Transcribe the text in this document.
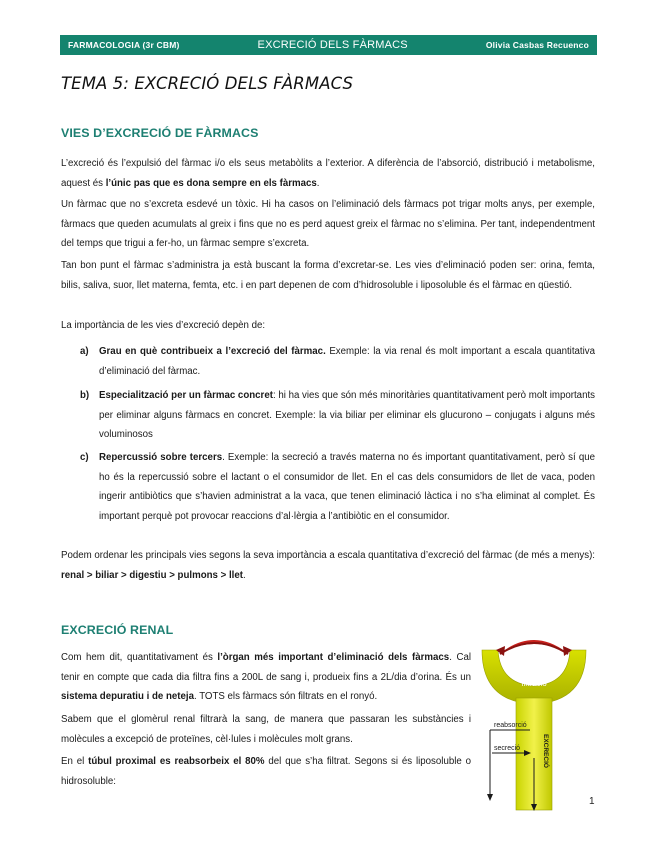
FARMACOLOGIA (3r CBM)	EXCRECIÓ DELS FÀRMACS	Olivia Casbas Recuenco
TEMA 5: EXCRECIÓ DELS FÀRMACS
VIES D’EXCRECIÓ DE FÀRMACS
L’excreció és l’expulsió del fàrmac i/o els seus metabòlits a l’exterior. A diferència de l’absorció, distribució i metabolisme, aquest és l’únic pas que es dona sempre en els fàrmacs.
Un fàrmac que no s’excreta esdevé un tòxic. Hi ha casos on l’eliminació dels fàrmacs pot trigar molts anys, per exemple, fàrmacs que queden acumulats al greix i fins que no es perd aquest greix el fàrmac no s’elimina. Per tant, independentment del temps que trigui a fer-ho, un fàrmac sempre s’excreta.
Tan bon punt el fàrmac s’administra ja està buscant la forma d’excretar-se. Les vies d’eliminació poden ser: orina, femta, bilis, saliva, suor, llet materna, femta, etc. i en part depenen de com d’hidrosoluble i liposoluble és el fàrmac en qüestió.
La importància de les vies d’excreció depèn de:
a) Grau en què contribueix a l’excreció del fàrmac. Exemple: la via renal és molt important a escala quantitativa d’eliminació del fàrmac.
b) Especialització per un fàrmac concret: hi ha vies que són més minoritàries quantitativament però molt importants per eliminar alguns fàrmacs en concret. Exemple: la via biliar per eliminar els glucurono – conjugats i alguns més voluminosos
c) Repercussió sobre tercers. Exemple: la secreció a través materna no és important quantitativament, però sí que ho és la repercussió sobre el lactant o el consumidor de llet. En el cas dels consumidors de llet de vaca, poden ingerir antibiòtics que s’havien administrat a la vaca, que tenen eliminació làctica i no s’ha eliminat al complet. És important perquè pot provocar reaccions d’al·lèrgia a l’antibiòtic en el consumidor.
Podem ordenar les principals vies segons la seva importància a escala quantitativa d’excreció del fàrmac (de més a menys): renal > biliar > digestiu > pulmons > llet.
EXCRECIÓ RENAL
Com hem dit, quantitativament és l’òrgan més important d’eliminació dels fàrmacs. Cal tenir en compte que cada dia filtra fins a 200L de sang i, produeix fins a 2L/dia d’orina. És un sistema depuratiu i de neteja. TOTS els fàrmacs són filtrats en el ronyó.
Sabem que el glomèrul renal filtrarà la sang, de manera que passaran les substàncies i molècules a excepció de proteïnes, cèl·lules i molècules molt grans.
En el túbul proximal es reabsorbeix el 80% del que s’ha filtrat. Segons si és liposoluble o hidrosoluble:
filtració
EXCRECIÓ
reabsorció
secreció
1
